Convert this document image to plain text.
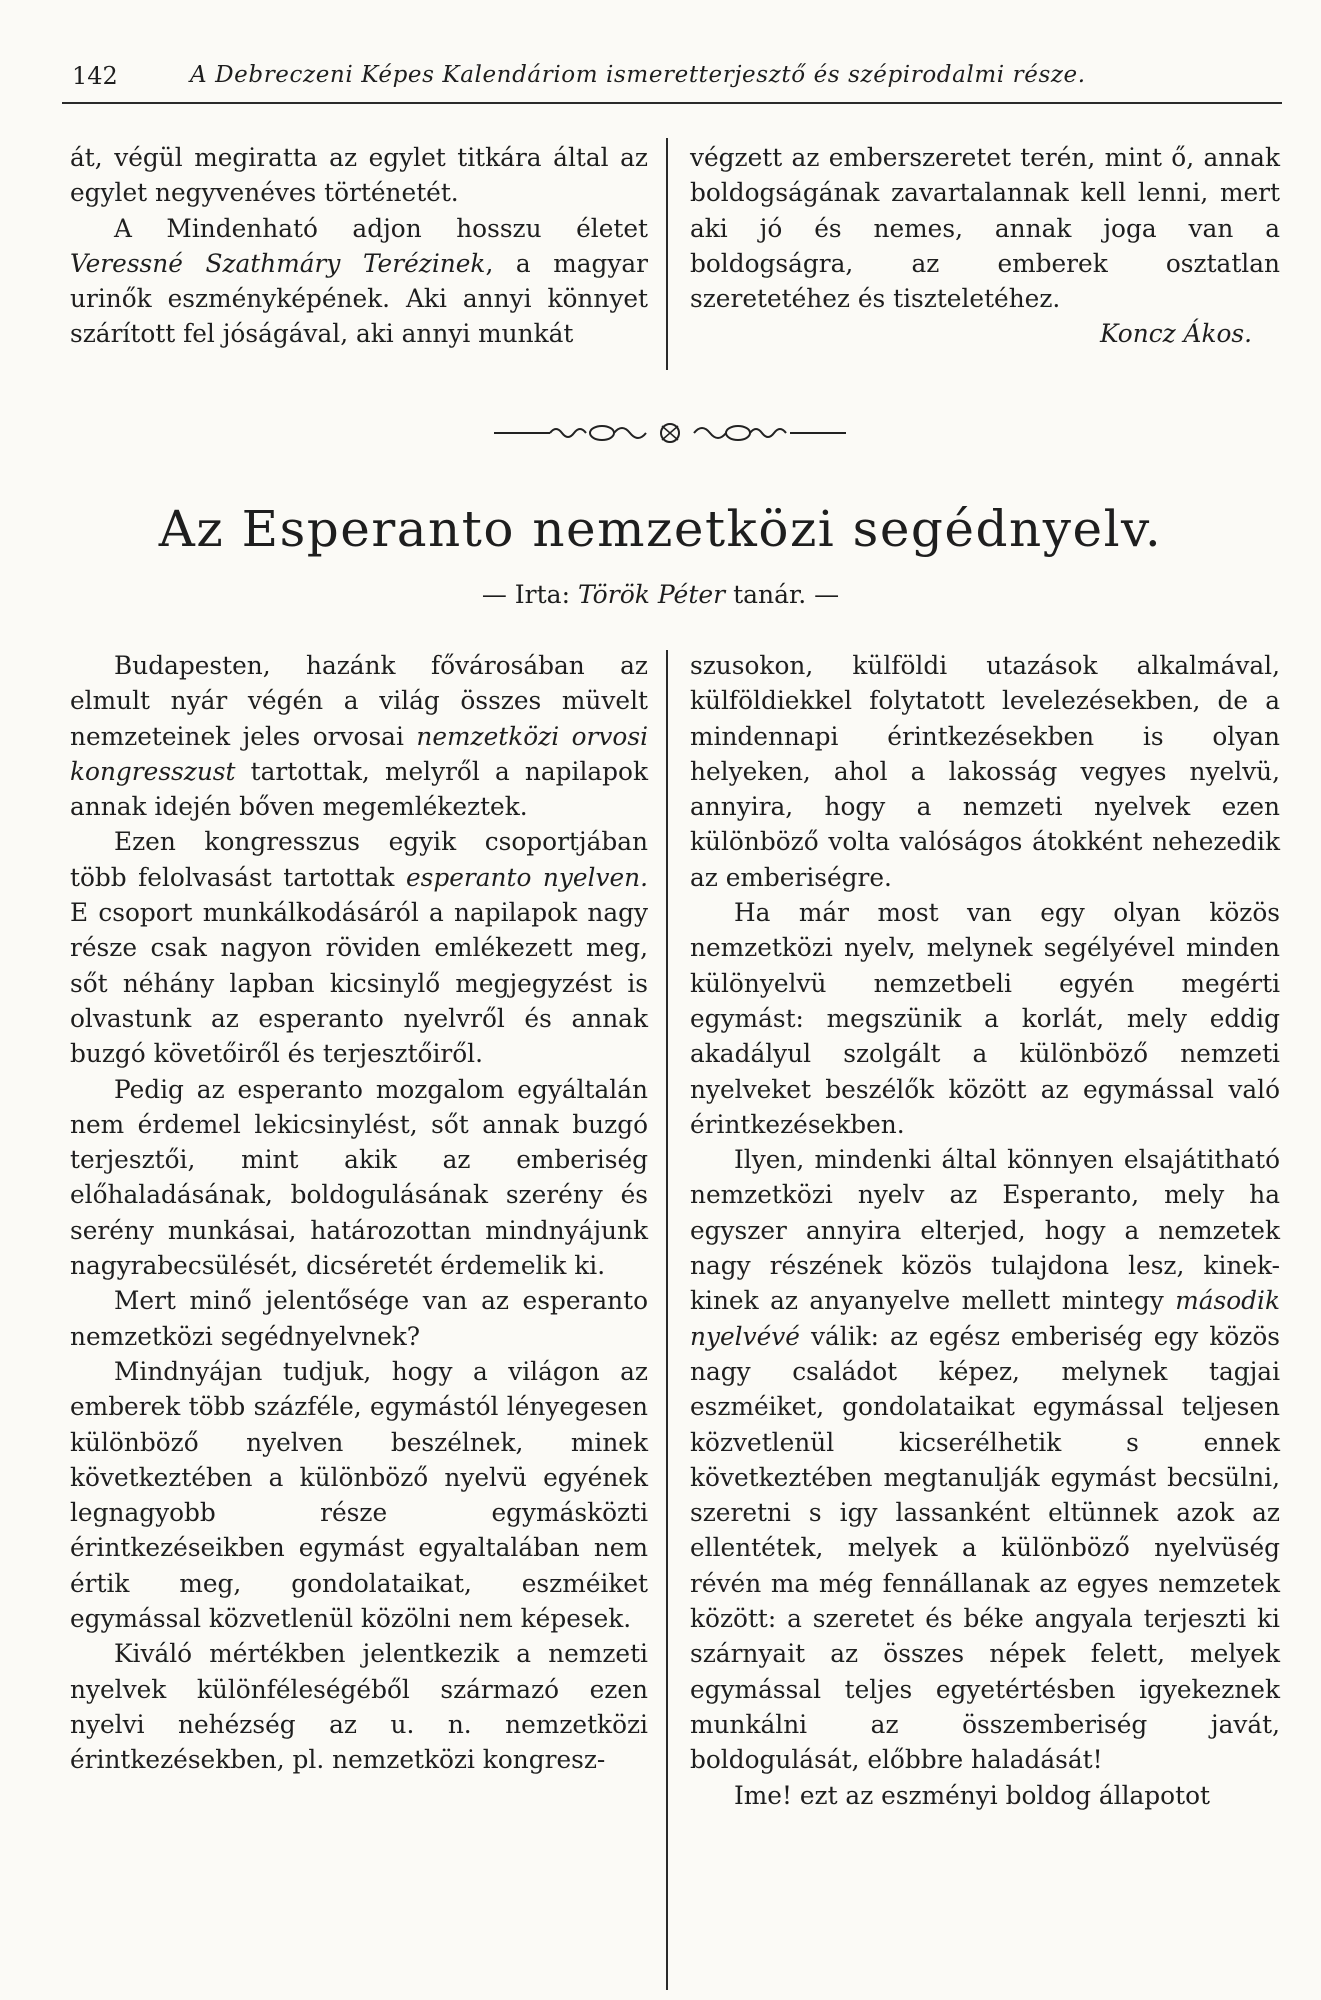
142	A Debreczeni Képes Kalendáriom ismeretterjesztő és szépirodalmi része.

át, végül megiratta az egylet titkára által az egylet negyvenéves történetét.

A Mindenható adjon hosszu életet Veressné Szathmáry Terézinek, a magyar urinők eszményképének. Aki annyi könnyet szárított fel jóságával, aki annyi munkát

végzett az emberszeretet terén, mint ő, annak boldogságának zavartalannak kell lenni, mert aki jó és nemes, annak joga van a boldogságra, az emberek osztatlan szeretetéhez és tiszteletéhez.

Koncz Ákos.
Az Esperanto nemzetközi segédnyelv.
— Irta: Török Péter tanár. —

Budapesten, hazánk fővárosában az elmult nyár végén a világ összes müvelt nemzeteinek jeles orvosai nemzetközi orvosi kongresszust tartottak, melyről a napilapok annak idején bőven megemlékeztek.

Ezen kongresszus egyik csoportjában több felolvasást tartottak esperanto nyelven. E csoport munkálkodásáról a napilapok nagy része csak nagyon röviden emlékezett meg, sőt néhány lapban kicsinylő megjegyzést is olvastunk az esperanto nyelvről és annak buzgó követőiről és terjesztőiről.

Pedig az esperanto mozgalom egyáltalán nem érdemel lekicsinylést, sőt annak buzgó terjesztői, mint akik az emberiség előhaladásának, boldogulásának szerény és serény munkásai, határozottan mindnyájunk nagyrabecsülését, dicséretét érdemelik ki.

Mert minő jelentősége van az esperanto nemzetközi segédnyelvnek?

Mindnyájan tudjuk, hogy a világon az emberek több százféle, egymástól lényegesen különböző nyelven beszélnek, minek következtében a különböző nyelvü egyének legnagyobb része egymásközti érintkezéseikben egymást egyaltalában nem értik meg, gondolataikat, eszméiket egymással közvetlenül közölni nem képesek.

Kiváló mértékben jelentkezik a nemzeti nyelvek különféleségéből származó ezen nyelvi nehézség az u. n. nemzetközi érintkezésekben, pl. nemzetközi kongresz-

szusokon, külföldi utazások alkalmával, külföldiekkel folytatott levelezésekben, de a mindennapi érintkezésekben is olyan helyeken, ahol a lakosság vegyes nyelvü, annyira, hogy a nemzeti nyelvek ezen különböző volta valóságos átokként nehezedik az emberiségre.

Ha már most van egy olyan közös nemzetközi nyelv, melynek segélyével minden különyelvü nemzetbeli egyén megérti egymást: megszünik a korlát, mely eddig akadályul szolgált a különböző nemzeti nyelveket beszélők között az egymással való érintkezésekben.

Ilyen, mindenki által könnyen elsajátitható nemzetközi nyelv az Esperanto, mely ha egyszer annyira elterjed, hogy a nemzetek nagy részének közös tulajdona lesz, kinek-kinek az anyanyelve mellett mintegy második nyelvévé válik: az egész emberiség egy közös nagy családot képez, melynek tagjai eszméiket, gondolataikat egymással teljesen közvetlenül kicserélhetik s ennek következtében megtanulják egymást becsülni, szeretni s igy lassanként eltünnek azok az ellentétek, melyek a különböző nyelvüség révén ma még fennállanak az egyes nemzetek között: a szeretet és béke angyala terjeszti ki szárnyait az összes népek felett, melyek egymással teljes egyetértésben igyekeznek munkálni az összemberiség javát, boldogulását, előbbre haladását!

Ime! ezt az eszményi boldog állapotot
